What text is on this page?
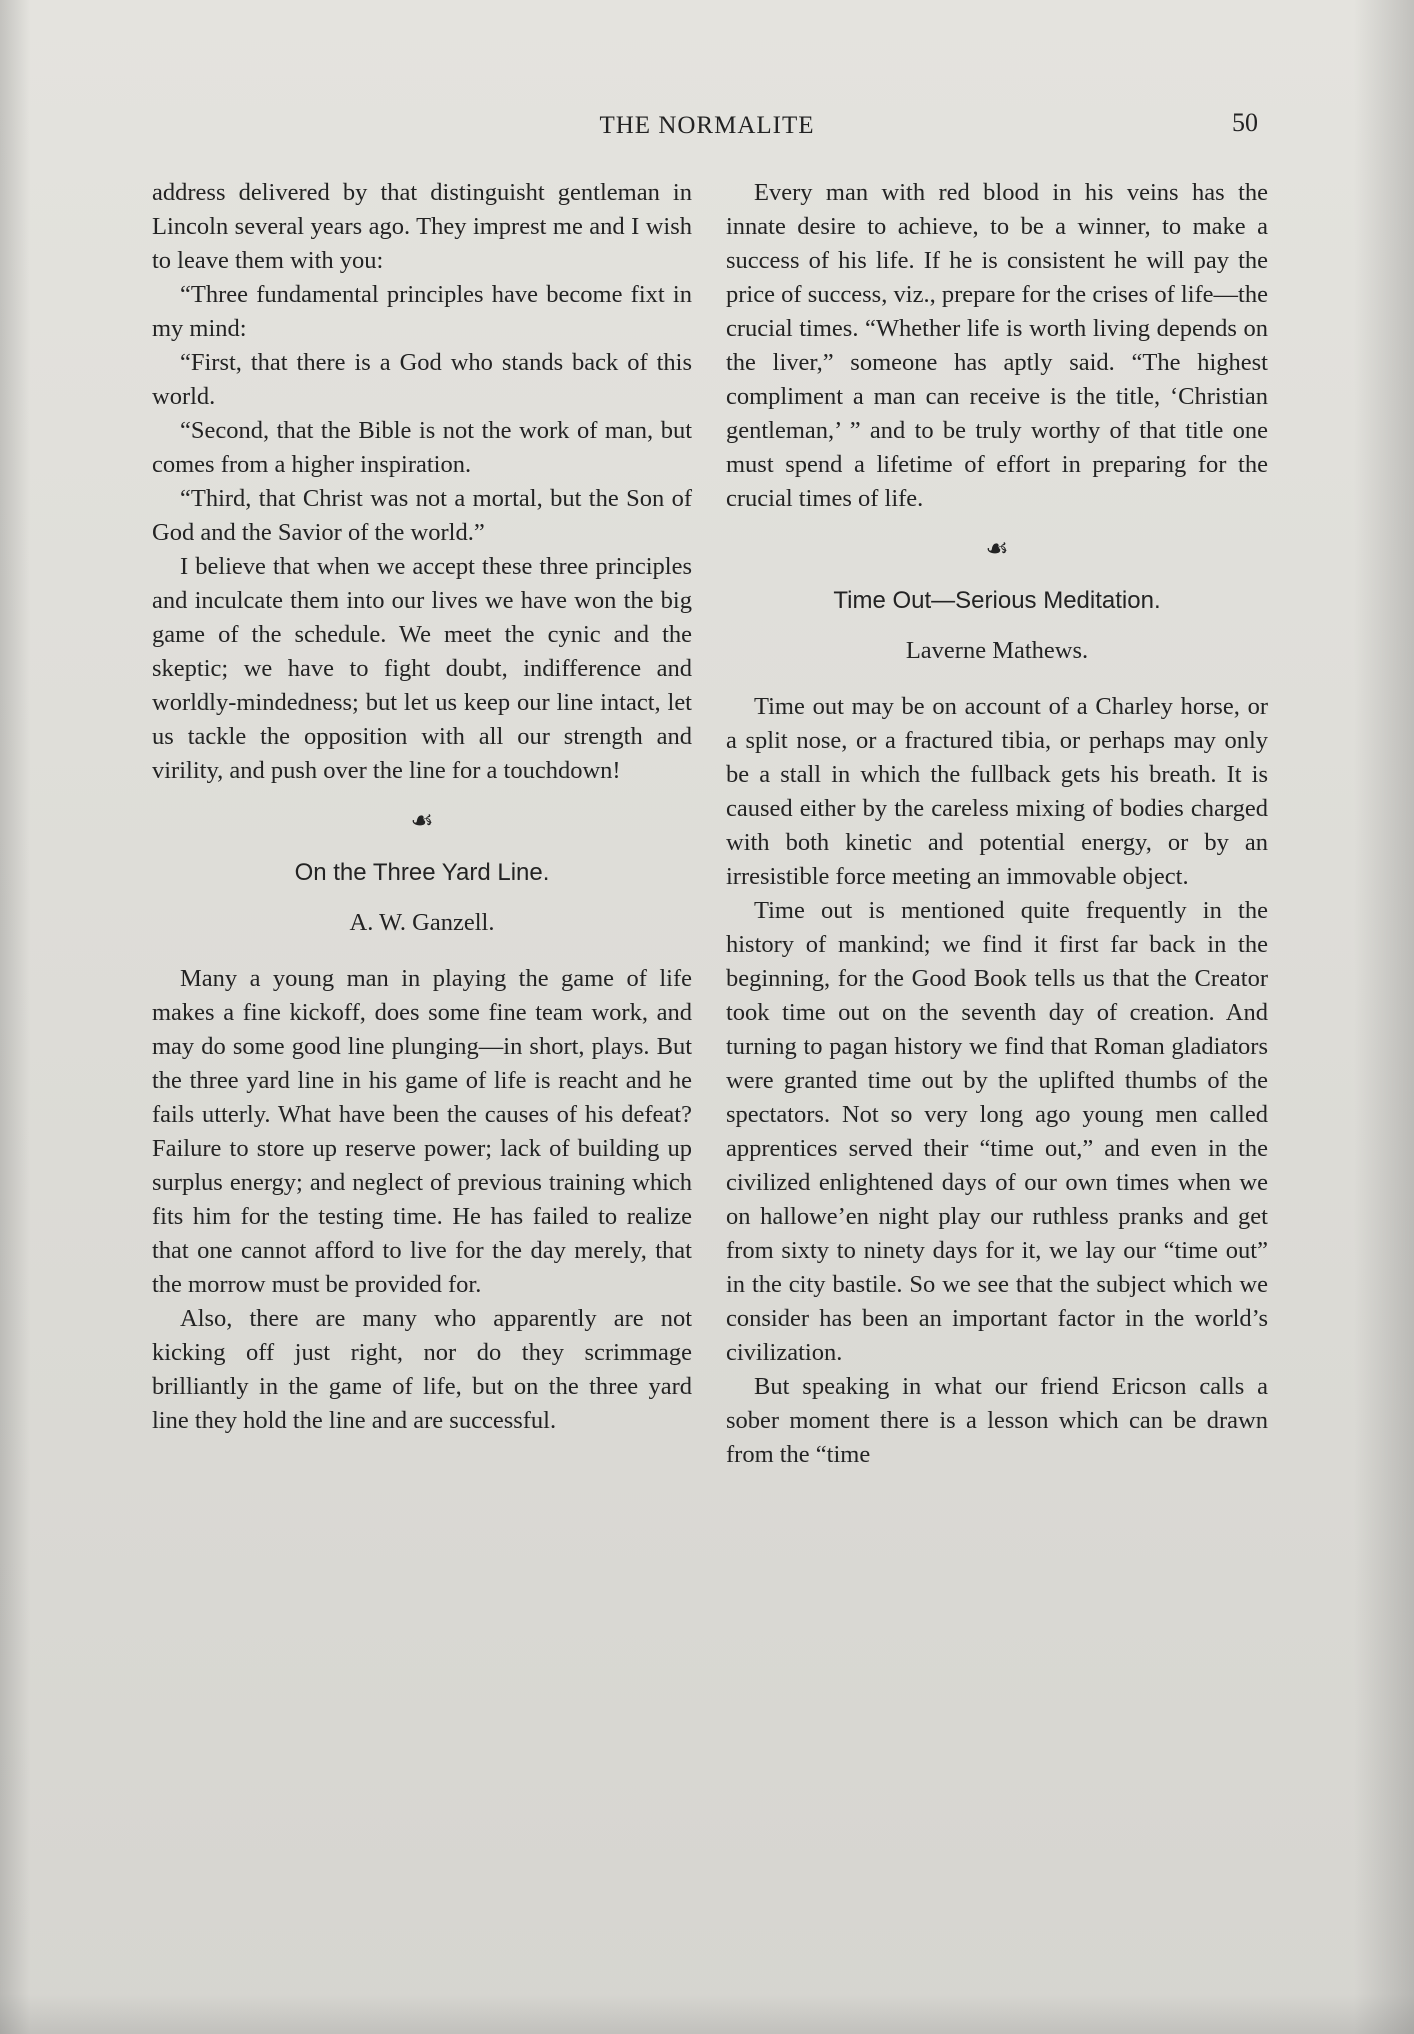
THE NORMALITE	50

address delivered by that distinguisht gentleman in Lincoln several years ago. They imprest me and I wish to leave them with you:

“Three fundamental principles have become fixt in my mind:

“First, that there is a God who stands back of this world.

“Second, that the Bible is not the work of man, but comes from a higher inspiration.

“Third, that Christ was not a mortal, but the Son of God and the Savior of the world.”

I believe that when we accept these three principles and inculcate them into our lives we have won the big game of the schedule. We meet the cynic and the skeptic; we have to fight doubt, indifference and worldly-mindedness; but let us keep our line intact, let us tackle the opposition with all our strength and virility, and push over the line for a touchdown!

☙
On the Three Yard Line.
A. W. Ganzell.

Many a young man in playing the game of life makes a fine kickoff, does some fine team work, and may do some good line plunging—in short, plays. But the three yard line in his game of life is reacht and he fails utterly. What have been the causes of his defeat? Failure to store up reserve power; lack of building up surplus energy; and neglect of previous training which fits him for the testing time. He has failed to realize that one cannot afford to live for the day merely, that the morrow must be provided for.

Also, there are many who apparently are not kicking off just right, nor do they scrimmage brilliantly in the game of life, but on the three yard line they hold the line and are successful.

Every man with red blood in his veins has the innate desire to achieve, to be a winner, to make a success of his life. If he is consistent he will pay the price of success, viz., prepare for the crises of life—the crucial times. “Whether life is worth living depends on the liver,” someone has aptly said. “The highest compliment a man can receive is the title, ‘Christian gentleman,’ ” and to be truly worthy of that title one must spend a lifetime of effort in preparing for the crucial times of life.

☙
Time Out—Serious Meditation.
Laverne Mathews.

Time out may be on account of a Charley horse, or a split nose, or a fractured tibia, or perhaps may only be a stall in which the fullback gets his breath. It is caused either by the careless mixing of bodies charged with both kinetic and potential energy, or by an irresistible force meeting an immovable object.

Time out is mentioned quite frequently in the history of mankind; we find it first far back in the beginning, for the Good Book tells us that the Creator took time out on the seventh day of creation. And turning to pagan history we find that Roman gladiators were granted time out by the uplifted thumbs of the spectators. Not so very long ago young men called apprentices served their “time out,” and even in the civilized enlightened days of our own times when we on hallowe’en night play our ruthless pranks and get from sixty to ninety days for it, we lay our “time out” in the city bastile. So we see that the subject which we consider has been an important factor in the world’s civilization.

But speaking in what our friend Ericson calls a sober moment there is a lesson which can be drawn from the “time
